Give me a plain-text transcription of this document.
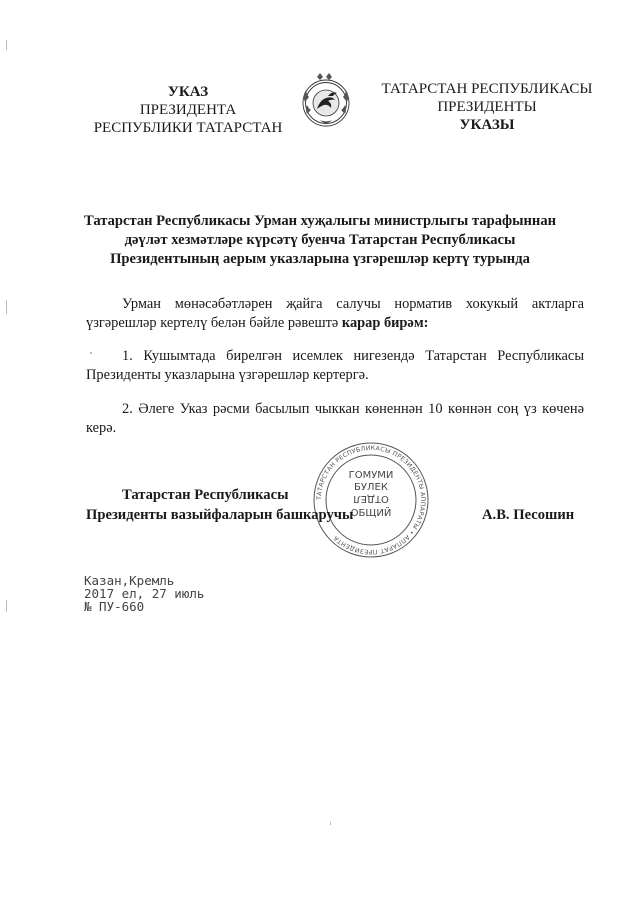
УКАЗ
ПРЕЗИДЕНТА
РЕСПУБЛИКИ ТАТАРСТАН
ТАТАРСТАН РЕСПУБЛИКАСЫ
ПРЕЗИДЕНТЫ
УКАЗЫ
Татарстан Республикасы Урман хуҗалыгы министрлыгы тарафыннан
дәүләт хезмәтләре күрсәтү буенча Татарстан Республикасы
Президентының аерым указларына үзгәрешләр кертү турында
Урман мөнәсәбәтләрен җайга салучы норматив хокукый актларга үзгәрешләр кертелү белән бәйле рәвештә карар бирәм:
1. Кушымтада бирелгән исемлек нигезендә Татарстан Республикасы Президенты указларына үзгәрешләр кертергә.
2. Әлеге Указ рәсми басылып чыккан көненнән 10 көннән соң үз көченә керә.
ТАТАРСТАН РЕСПУБЛИКАСЫ ПРЕЗИДЕНТЫ АППАРАТЫ • АППАРАТ ПРЕЗИДЕНТА
ГОМУМИ
БУЛЕК
ОТДЕЛ
ОБЩИЙ
Татарстан Республикасы
Президенты вазыйфаларын башкаручы	А.В. Песошин
Казан,Кремль
2017 ел, 27 июль
№ ПУ-660
